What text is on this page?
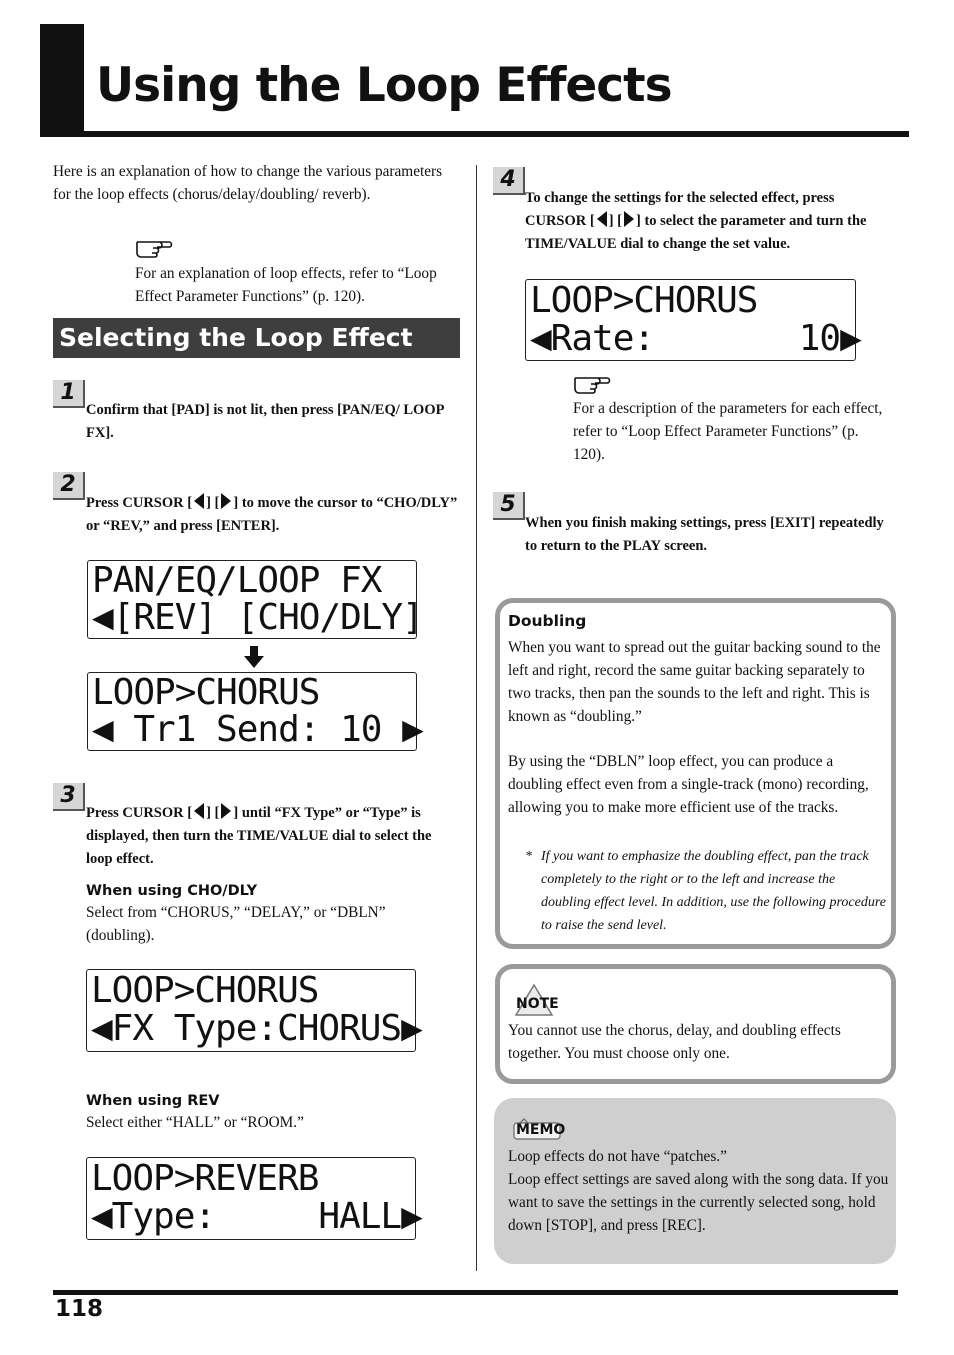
Using the Loop Effects
Here is an explanation of how to change the various parameters for the loop effects (chorus/delay/doubling/ reverb).
For an explanation of loop effects, refer to “Loop Effect Parameter Functions” (p. 120).
Selecting the Loop Effect
1
Confirm that [PAD] is not lit, then press [PAN/EQ/ LOOP FX].
2
Press CURSOR [ ] [ ] to move the cursor to “CHO/DLY” or “REV,” and press [ENTER].
PAN/EQ/LOOP FX
◀[REV] [CHO/DLY]
LOOP>CHORUS
◀ Tr1 Send: 10 ▶
3
Press CURSOR [ ] [ ] until “FX Type” or “Type” is displayed, then turn the TIME/VALUE dial to select the loop effect.
When using CHO/DLY
Select from “CHORUS,” “DELAY,” or “DBLN” (doubling).
LOOP>CHORUS
◀FX Type:CHORUS▶
When using REV
Select either “HALL” or “ROOM.”
LOOP>REVERB
◀Type:     HALL▶
4
To change the settings for the selected effect, press
CURSOR [ ] [ ] to select the parameter and turn the TIME/VALUE dial to change the set value.
LOOP>CHORUS
◀Rate:       10▶
For a description of the parameters for each effect, refer to “Loop Effect Parameter Functions” (p. 120).
5
When you finish making settings, press [EXIT] repeatedly to return to the PLAY screen.
Doubling
When you want to spread out the guitar backing sound to the left and right, record the same guitar backing separately to two tracks, then pan the sounds to the left and right. This is known as “doubling.”
By using the “DBLN” loop effect, you can produce a doubling effect even from a single-track (mono) recording, allowing you to make more efficient use of the tracks.
* If you want to emphasize the doubling effect, pan the track completely to the right or to the left and increase the doubling effect level. In addition, use the following procedure to raise the send level.
NOTE
You cannot use the chorus, delay, and doubling effects together. You must choose only one.
MEMO
Loop effects do not have “patches.”
Loop effect settings are saved along with the song data. If you want to save the settings in the currently selected song, hold down [STOP], and press [REC].
118
